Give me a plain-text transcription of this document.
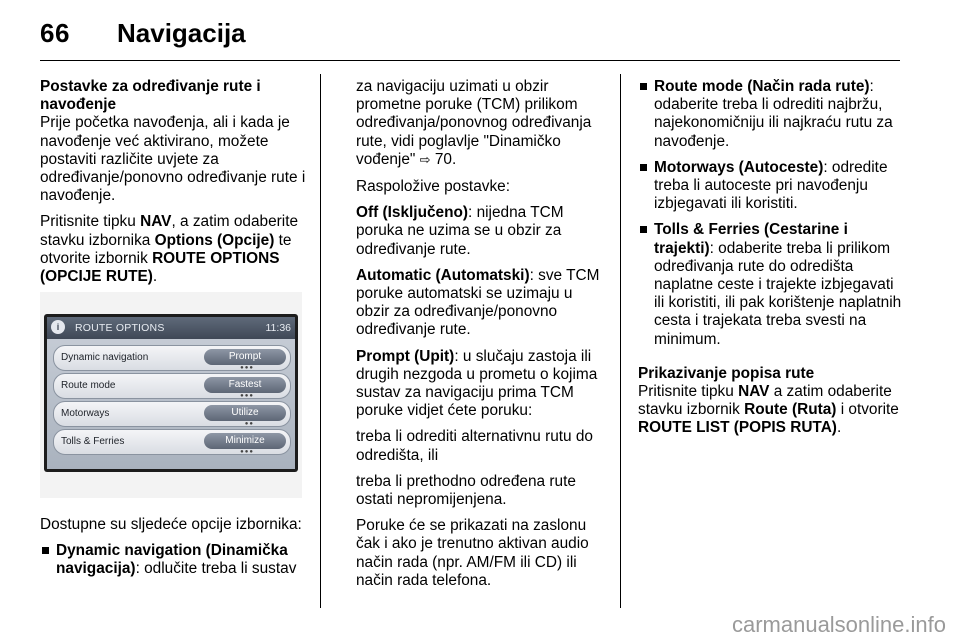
66 Navigacija
Postavke za određivanje rute i navođenje

Prije početka navođenja, ali i kada je navođenje već aktivirano, možete postaviti različite uvjete za određivanje/ponovno određivanje rute i navođenje.

Pritisnite tipku NAV, a zatim odaberite stavku izbornika Options (Opcije) te otvorite izbornik ROUTE OPTIONS (OPCIJE RUTE).

i	ROUTE OPTIONS	11:36
Dynamic navigation	Prompt
●●●
Route mode	Fastest
●●●
Motorways	Utilize
●●
Tolls & Ferries	Minimize
●●●

Dostupne su sljedeće opcije izbornika:

Dynamic navigation (Dinamička navigacija): odlučite treba li sustav

za navigaciju uzimati u obzir prometne poruke (TCM) prilikom određivanja/ponovnog određivanja rute, vidi poglavlje "Dinamičko vođenje" ⇨ 70.

Raspoložive postavke:

Off (Isključeno): nijedna TCM poruka ne uzima se u obzir za određivanje rute.

Automatic (Automatski): sve TCM poruke automatski se uzimaju u obzir za određivanje/ponovno određivanje rute.

Prompt (Upit): u slučaju zastoja ili drugih nezgoda u prometu o kojima sustav za navigaciju prima TCM poruke vidjet ćete poruku:

treba li odrediti alternativnu rutu do odredišta, ili

treba li prethodno određena rute ostati nepromijenjena.

Poruke će se prikazati na zaslonu čak i ako je trenutno aktivan audio način rada (npr. AM/FM ili CD) ili način rada telefona.

Route mode (Način rada rute): odaberite treba li odrediti najbržu, najekonomičniju ili najkraću rutu za navođenje.
Motorways (Autoceste): odredite treba li autoceste pri navođenju izbjegavati ili koristiti.
Tolls & Ferries (Cestarine i trajekti): odaberite treba li prilikom određivanja rute do odredišta naplatne ceste i trajekte izbjegavati ili koristiti, ili pak korištenje naplatnih cesta i trajekata treba svesti na minimum.
Prikazivanje popisa rute

Pritisnite tipku NAV a zatim odaberite stavku izbornik Route (Ruta) i otvorite ROUTE LIST (POPIS RUTA).

carmanualsonline.info
